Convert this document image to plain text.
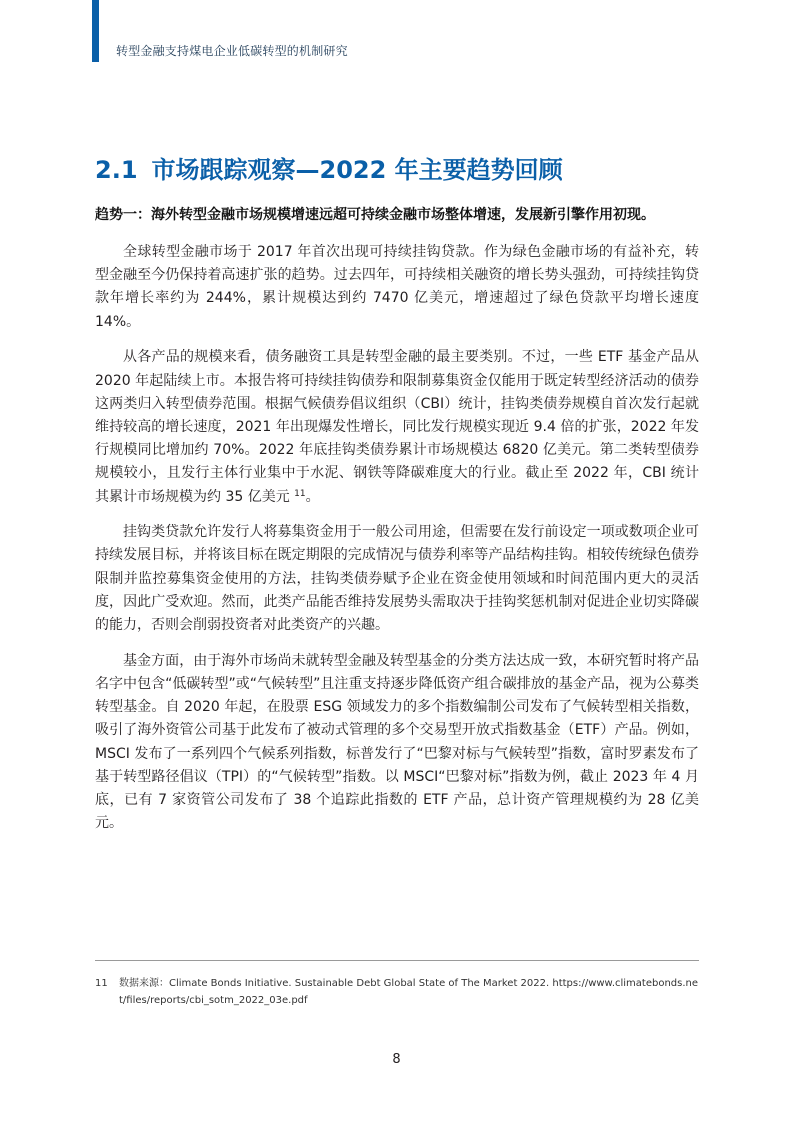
转型金融支持煤电企业低碳转型的机制研究
2.1 市场跟踪观察—2022 年主要趋势回顾
趋势一：海外转型金融市场规模增速远超可持续金融市场整体增速，发展新引擎作用初现。

全球转型金融市场于 2017 年首次出现可持续挂钩贷款。作为绿色金融市场的有益补充，转型金融至今仍保持着高速扩张的趋势。过去四年，可持续相关融资的增长势头强劲，可持续挂钩贷款年增长率约为 244%，累计规模达到约 7470 亿美元，增速超过了绿色贷款平均增长速度 14%。

从各产品的规模来看，债务融资工具是转型金融的最主要类别。不过，一些 ETF 基金产品从 2020 年起陆续上市。本报告将可持续挂钩债券和限制募集资金仅能用于既定转型经济活动的债券这两类归入转型债券范围。根据气候债券倡议组织（CBI）统计，挂钩类债券规模自首次发行起就维持较高的增长速度，2021 年出现爆发性增长，同比发行规模实现近 9.4 倍的扩张，2022 年发行规模同比增加约 70%。2022 年底挂钩类债券累计市场规模达 6820 亿美元。第二类转型债券规模较小，且发行主体行业集中于水泥、钢铁等降碳难度大的行业。截止至 2022 年，CBI 统计其累计市场规模为约 35 亿美元 $^{11}$。

挂钩类贷款允许发行人将募集资金用于一般公司用途，但需要在发行前设定一项或数项企业可持续发展目标，并将该目标在既定期限的完成情况与债券利率等产品结构挂钩。相较传统绿色债券限制并监控募集资金使用的方法，挂钩类债券赋予企业在资金使用领域和时间范围内更大的灵活度，因此广受欢迎。然而，此类产品能否维持发展势头需取决于挂钩奖惩机制对促进企业切实降碳的能力，否则会削弱投资者对此类资产的兴趣。

基金方面，由于海外市场尚未就转型金融及转型基金的分类方法达成一致，本研究暂时将产品名字中包含“低碳转型”或“气候转型”且注重支持逐步降低资产组合碳排放的基金产品，视为公募类转型基金。自 2020 年起，在股票 ESG 领域发力的多个指数编制公司发布了气候转型相关指数，吸引了海外资管公司基于此发布了被动式管理的多个交易型开放式指数基金（ETF）产品。例如，MSCI 发布了一系列四个气候系列指数，标普发行了“巴黎对标与气候转型”指数，富时罗素发布了基于转型路径倡议（TPI）的“气候转型”指数。以 MSCI“巴黎对标”指数为例，截止 2023 年 4 月底，已有 7 家资管公司发布了 38 个追踪此指数的 ETF 产品，总计资产管理规模约为 28 亿美元。

11	数据来源：Climate Bonds Initiative. Sustainable Debt Global State of The Market 2022. https://www.climatebonds.net/files/reports/cbi_sotm_2022_03e.pdf
8
